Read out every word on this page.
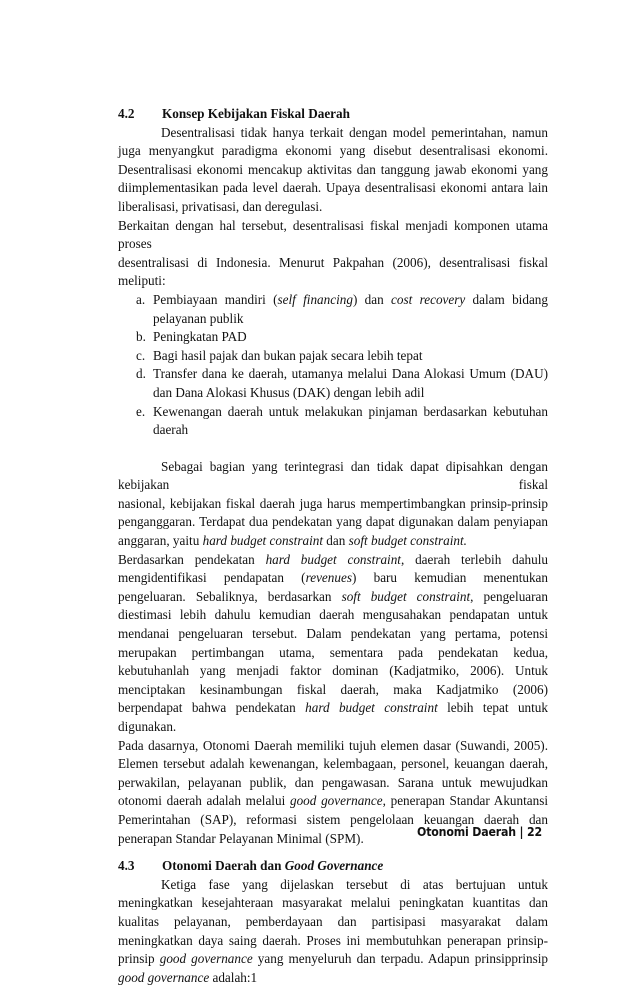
4.2 Konsep Kebijakan Fiskal Daerah

Desentralisasi tidak hanya terkait dengan model pemerintahan, namun juga menyangkut paradigma ekonomi yang disebut desentralisasi ekonomi. Desentralisasi ekonomi mencakup aktivitas dan tanggung jawab ekonomi yang diimplementasikan pada level daerah. Upaya desentralisasi ekonomi antara lain liberalisasi, privatisasi, dan deregulasi.

Berkaitan dengan hal tersebut, desentralisasi fiskal menjadi komponen utama

proses

desentralisasi di Indonesia. Menurut Pakpahan (2006), desentralisasi fiskal meliputi:

a. Pembiayaan mandiri (self financing) dan cost recovery dalam bidang pelayanan publik
b. Peningkatan PAD
c. Bagi hasil pajak dan bukan pajak secara lebih tepat
d. Transfer dana ke daerah, utamanya melalui Dana Alokasi Umum (DAU) dan Dana Alokasi Khusus (DAK) dengan lebih adil
e. Kewenangan daerah untuk melakukan pinjaman berdasarkan kebutuhan daerah

Sebagai bagian yang terintegrasi dan tidak dapat dipisahkan dengan kebijakan fiskal

nasional, kebijakan fiskal daerah juga harus mempertimbangkan prinsip-prinsip penganggaran. Terdapat dua pendekatan yang dapat digunakan dalam penyiapan anggaran, yaitu hard budget constraint dan soft budget constraint.

Berdasarkan pendekatan hard budget constraint, daerah terlebih dahulu mengidentifikasi pendapatan (revenues) baru kemudian menentukan pengeluaran. Sebaliknya, berdasarkan soft budget constraint, pengeluaran diestimasi lebih dahulu kemudian daerah mengusahakan pendapatan untuk mendanai pengeluaran tersebut. Dalam pendekatan yang pertama, potensi merupakan pertimbangan utama, sementara pada pendekatan kedua, kebutuhanlah yang menjadi faktor dominan (Kadjatmiko, 2006). Untuk menciptakan kesinambungan fiskal daerah, maka Kadjatmiko (2006) berpendapat bahwa pendekatan hard budget constraint lebih tepat untuk digunakan.

Pada dasarnya, Otonomi Daerah memiliki tujuh elemen dasar (Suwandi, 2005). Elemen tersebut adalah kewenangan, kelembagaan, personel, keuangan daerah, perwakilan, pelayanan publik, dan pengawasan. Sarana untuk mewujudkan otonomi daerah adalah melalui good governance, penerapan Standar Akuntansi Pemerintahan (SAP), reformasi sistem pengelolaan keuangan daerah dan penerapan Standar Pelayanan Minimal (SPM).

4.3 Otonomi Daerah dan Good Governance

Ketiga fase yang dijelaskan tersebut di atas bertujuan untuk meningkatkan kesejahteraan masyarakat melalui peningkatan kuantitas dan kualitas pelayanan, pemberdayaan dan partisipasi masyarakat dalam meningkatkan daya saing daerah. Proses ini membutuhkan penerapan prinsip-prinsip good governance yang menyeluruh dan terpadu. Adapun prinsipprinsip good governance adalah:1

Otonomi Daerah | 22
